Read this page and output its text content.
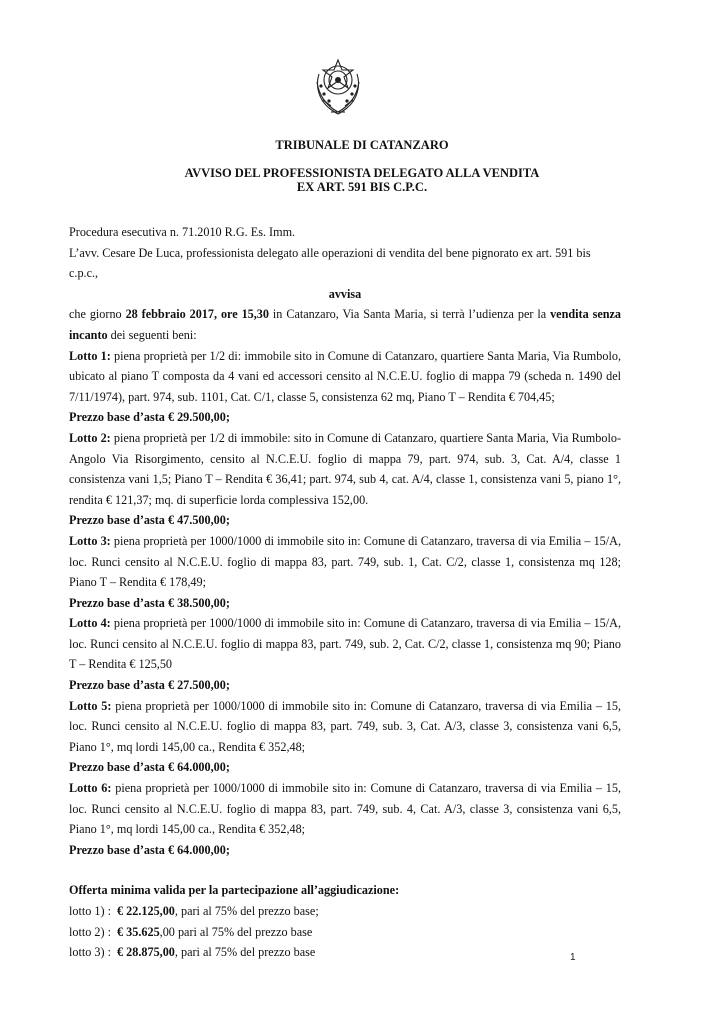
TRIBUNALE DI CATANZARO
AVVISO DEL PROFESSIONISTA DELEGATO ALLA VENDITA
EX ART. 591 BIS C.P.C.

Procedura esecutiva n. 71.2010 R.G. Es. Imm.

L’avv. Cesare De Luca, professionista delegato alle operazioni di vendita del bene pignorato ex art. 591 bis c.p.c.,

avvisa

che giorno 28 febbraio 2017, ore 15,30 in Catanzaro, Via Santa Maria, si terrà l’udienza per la vendita senza incanto dei seguenti beni:

Lotto 1: piena proprietà per 1/2 di: immobile sito in Comune di Catanzaro, quartiere Santa Maria, Via Rumbolo, ubicato al piano T composta da 4 vani ed accessori censito al N.C.E.U. foglio di mappa 79 (scheda n. 1490 del 7/11/1974), part. 974, sub. 1101, Cat. C/1, classe 5, consistenza 62 mq, Piano T – Rendita € 704,45;

Prezzo base d’asta € 29.500,00;

Lotto 2: piena proprietà per 1/2 di immobile: sito in Comune di Catanzaro, quartiere Santa Maria, Via Rumbolo-Angolo Via Risorgimento, censito al N.C.E.U. foglio di mappa 79, part. 974, sub. 3, Cat. A/4, classe 1 consistenza vani 1,5; Piano T – Rendita € 36,41; part. 974, sub 4, cat. A/4, classe 1, consistenza vani 5, piano 1°, rendita € 121,37; mq. di superficie lorda complessiva 152,00.

Prezzo base d’asta € 47.500,00;

Lotto 3: piena proprietà per 1000/1000 di immobile sito in: Comune di Catanzaro, traversa di via Emilia – 15/A, loc. Runci censito al N.C.E.U. foglio di mappa 83, part. 749, sub. 1, Cat. C/2, classe 1, consistenza mq 128; Piano T – Rendita € 178,49;

Prezzo base d’asta € 38.500,00;

Lotto 4: piena proprietà per 1000/1000 di immobile sito in: Comune di Catanzaro, traversa di via Emilia – 15/A, loc. Runci censito al N.C.E.U. foglio di mappa 83, part. 749, sub. 2, Cat. C/2, classe 1, consistenza mq 90; Piano T – Rendita € 125,50

Prezzo base d’asta € 27.500,00;

Lotto 5: piena proprietà per 1000/1000 di immobile sito in: Comune di Catanzaro, traversa di via Emilia – 15, loc. Runci censito al N.C.E.U. foglio di mappa 83, part. 749, sub. 3, Cat. A/3, classe 3, consistenza vani 6,5, Piano 1°, mq lordi 145,00 ca., Rendita € 352,48;

Prezzo base d’asta € 64.000,00;

Lotto 6: piena proprietà per 1000/1000 di immobile sito in: Comune di Catanzaro, traversa di via Emilia – 15, loc. Runci censito al N.C.E.U. foglio di mappa 83, part. 749, sub. 4, Cat. A/3, classe 3, consistenza vani 6,5, Piano 1°, mq lordi 145,00 ca., Rendita € 352,48;

Prezzo base d’asta € 64.000,00;

Offerta minima valida per la partecipazione all’aggiudicazione:

lotto 1) : € 22.125,00, pari al 75% del prezzo base;

lotto 2) : € 35.625,00 pari al 75% del prezzo base

lotto 3) : € 28.875,00, pari al 75% del prezzo base	1
